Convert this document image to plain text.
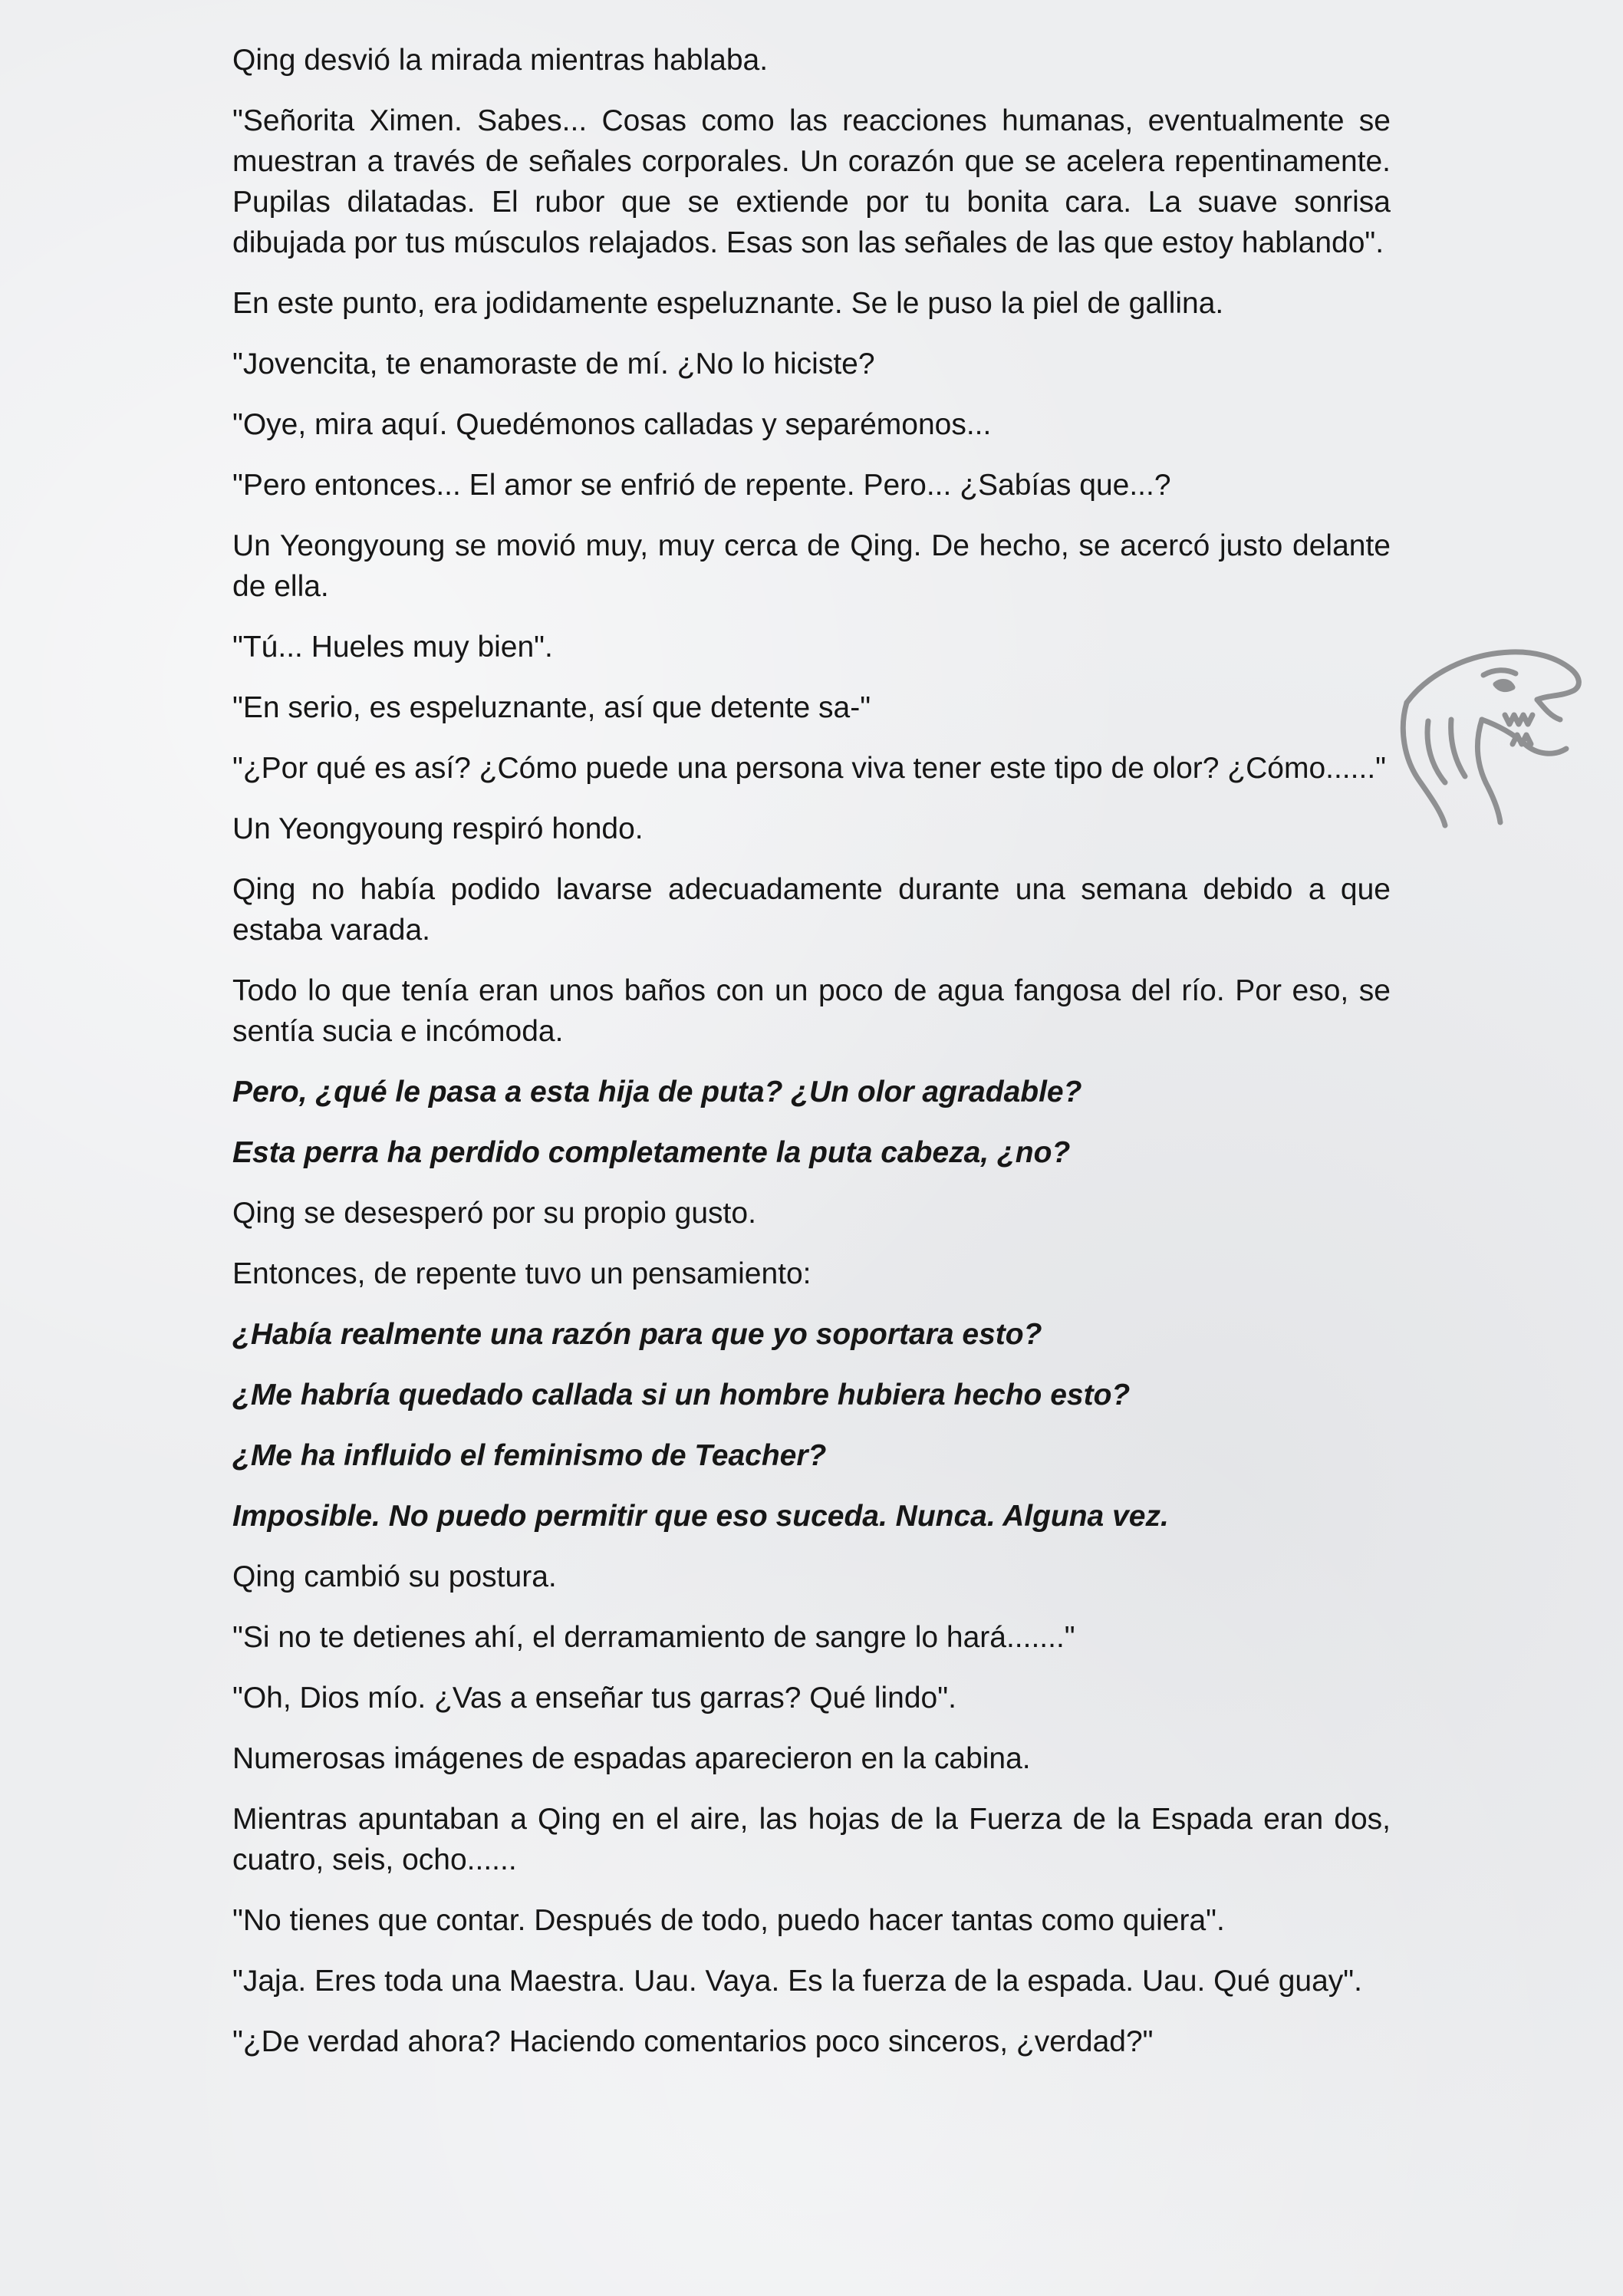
Qing desvió la mirada mientras hablaba.

"Señorita Ximen. Sabes... Cosas como las reacciones humanas, eventualmente se muestran a través de señales corporales. Un corazón que se acelera repentinamente. Pupilas dilatadas. El rubor que se extiende por tu bonita cara. La suave sonrisa dibujada por tus músculos relajados. Esas son las señales de las que estoy hablando".

En este punto, era jodidamente espeluznante. Se le puso la piel de gallina.

"Jovencita, te enamoraste de mí. ¿No lo hiciste?

"Oye, mira aquí. Quedémonos calladas y separémonos...

"Pero entonces... El amor se enfrió de repente. Pero... ¿Sabías que...?

Un Yeongyoung se movió muy, muy cerca de Qing. De hecho, se acercó justo delante de ella.

"Tú... Hueles muy bien".

"En serio, es espeluznante, así que detente sa-"

"¿Por qué es así? ¿Cómo puede una persona viva tener este tipo de olor? ¿Cómo......"

Un Yeongyoung respiró hondo.

Qing no había podido lavarse adecuadamente durante una semana debido a que estaba varada.

Todo lo que tenía eran unos baños con un poco de agua fangosa del río. Por eso, se sentía sucia e incómoda.

Pero, ¿qué le pasa a esta hija de puta? ¿Un olor agradable?

Esta perra ha perdido completamente la puta cabeza, ¿no?

Qing se desesperó por su propio gusto.

Entonces, de repente tuvo un pensamiento:

¿Había realmente una razón para que yo soportara esto?

¿Me habría quedado callada si un hombre hubiera hecho esto?

¿Me ha influido el feminismo de Teacher?

Imposible. No puedo permitir que eso suceda. Nunca. Alguna vez.

Qing cambió su postura.

"Si no te detienes ahí, el derramamiento de sangre lo hará......."

"Oh, Dios mío. ¿Vas a enseñar tus garras? Qué lindo".

Numerosas imágenes de espadas aparecieron en la cabina.

Mientras apuntaban a Qing en el aire, las hojas de la Fuerza de la Espada eran dos, cuatro, seis, ocho......

"No tienes que contar. Después de todo, puedo hacer tantas como quiera".

"Jaja. Eres toda una Maestra. Uau. Vaya. Es la fuerza de la espada. Uau. Qué guay".

"¿De verdad ahora? Haciendo comentarios poco sinceros, ¿verdad?"
